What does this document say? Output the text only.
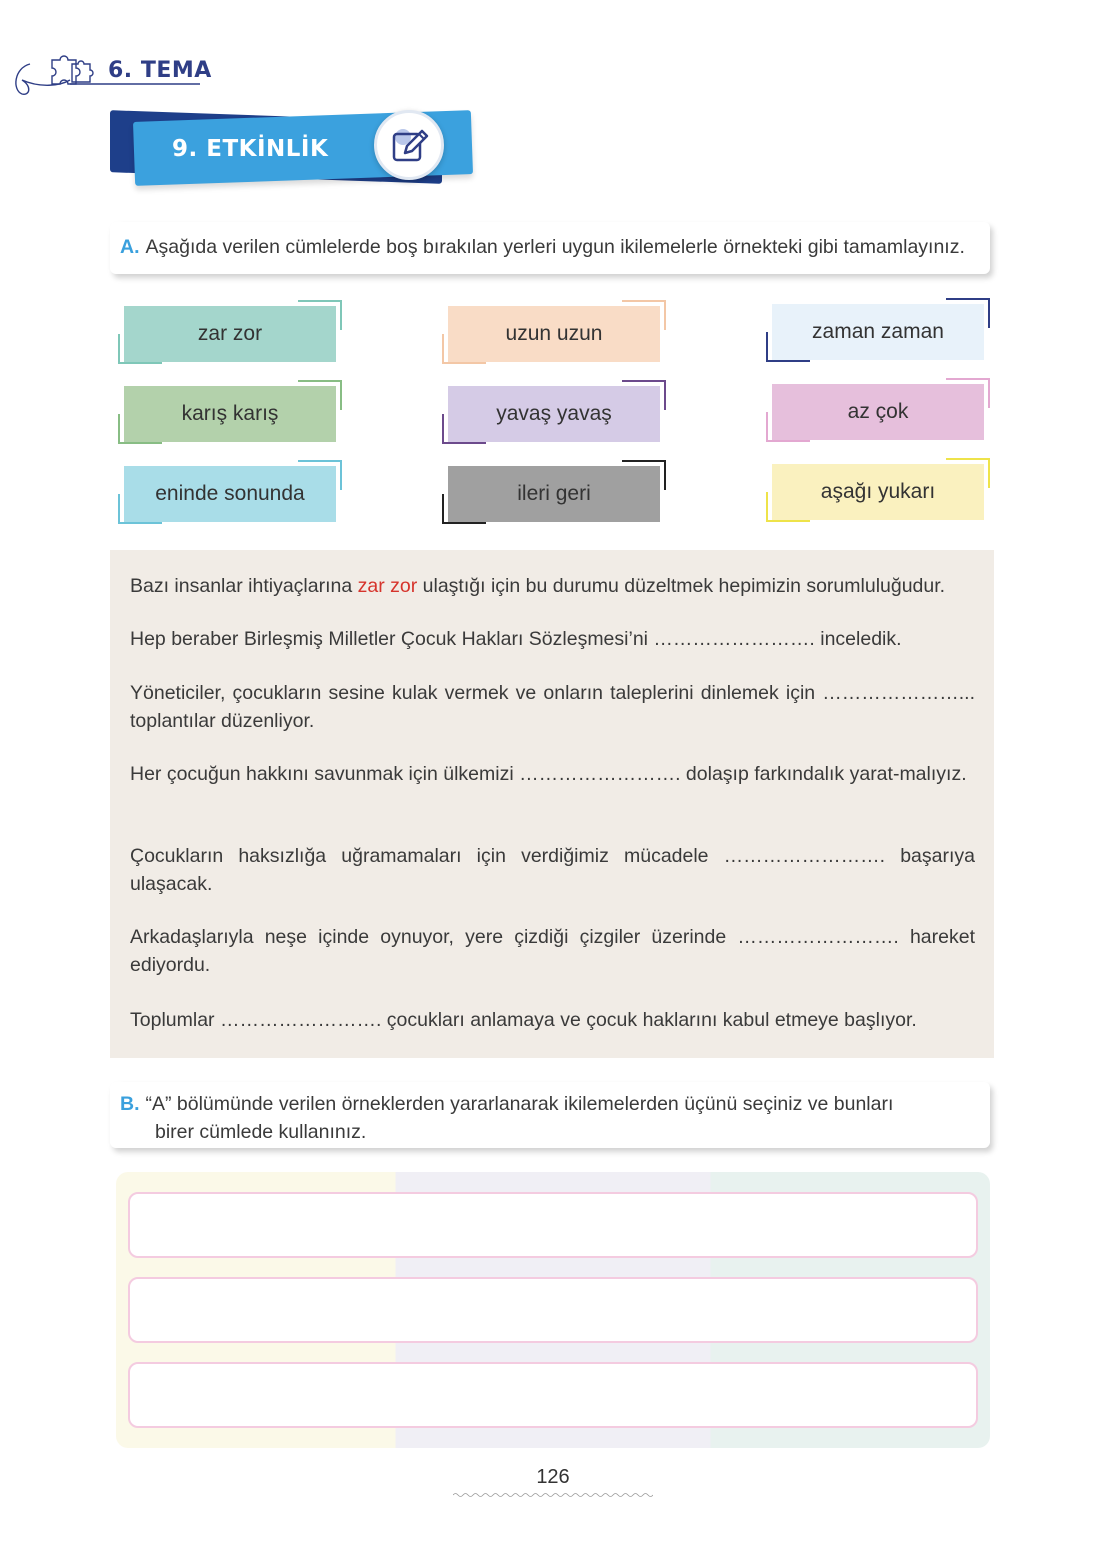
6. TEMA
9. ETKİNLİK
A. Aşağıda verilen cümlelerde boş bırakılan yerleri uygun ikilemelerle örnekteki gibi tamamlayınız.
zar zor	uzun uzun	zaman zaman
karış karış	yavaş yavaş	az çok
eninde sonunda	ileri geri	aşağı yukarı
Bazı insanlar ihtiyaçlarına zar zor ulaştığı için bu durumu düzeltmek hepimizin sorumluluğudur.
Hep beraber Birleşmiş Milletler Çocuk Hakları Sözleşmesi’ni ……………………. inceledik.
Yöneticiler, çocukların sesine kulak vermek ve onların taleplerini dinlemek için …………………... toplantılar düzenliyor.
Her çocuğun hakkını savunmak için ülkemizi ……………………. dolaşıp farkındalık yarat-malıyız.
Çocukların haksızlığa uğramamaları için verdiğimiz mücadele ……………………. başarıya ulaşacak.
Arkadaşlarıyla neşe içinde oynuyor, yere çizdiği çizgiler üzerinde ……………………. hareket ediyordu.
Toplumlar ……………………. çocukları anlamaya ve çocuk haklarını kabul etmeye başlıyor.
B. “A” bölümünde verilen örneklerden yararlanarak ikilemelerden üçünü seçiniz ve bunları
birer cümlede kullanınız.
126
